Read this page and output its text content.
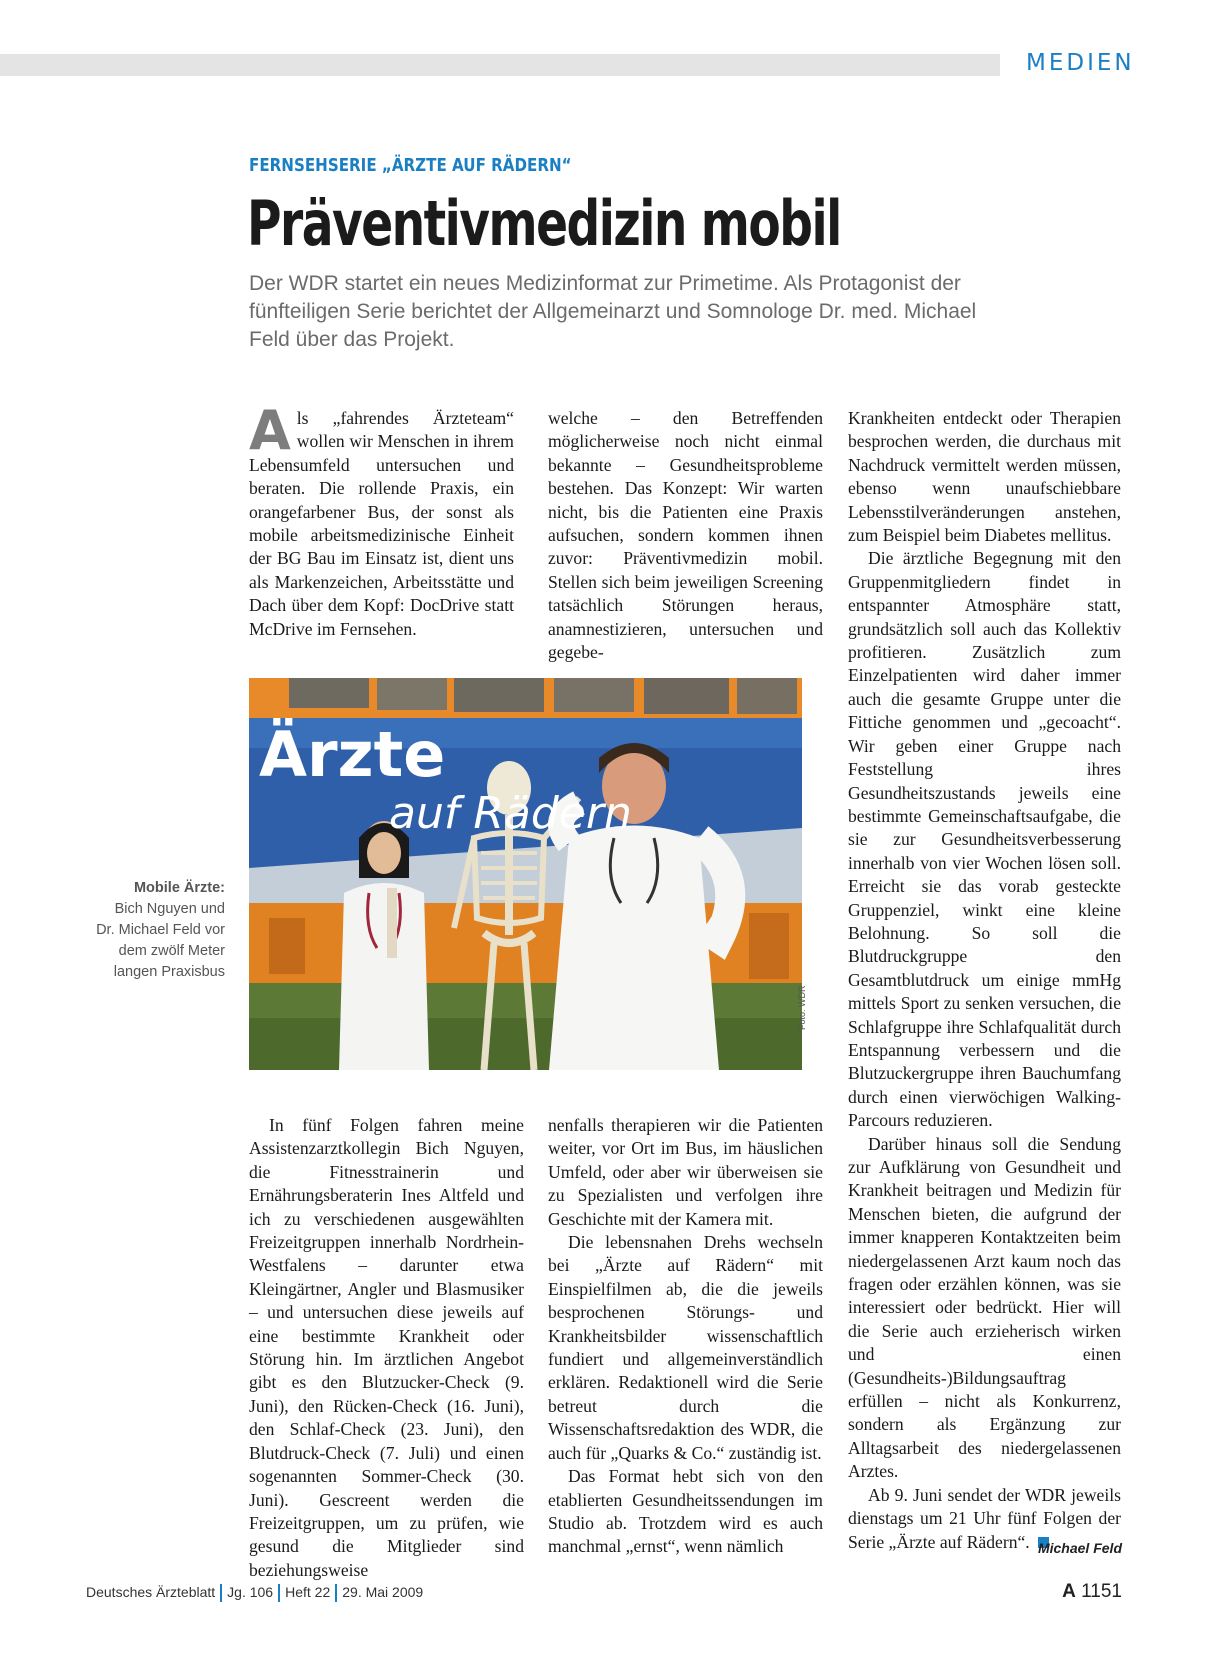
MEDIEN
FERNSEHSERIE „ÄRZTE AUF RÄDERN“
Präventivmedizin mobil
Der WDR startet ein neues Medizinformat zur Primetime. Als Protagonist der
fünfteiligen Serie berichtet der Allgemeinarzt und Somnologe Dr. med. Michael
Feld über das Projekt.

Als „fahrendes Ärzteteam“ wollen wir Menschen in ihrem Lebensumfeld untersuchen und beraten. Die rollende Praxis, ein orangefarbener Bus, der sonst als mobile arbeitsmedizinische Einheit der BG Bau im Einsatz ist, dient uns als Markenzeichen, Arbeitsstätte und Dach über dem Kopf: DocDrive statt McDrive im Fernsehen.

welche – den Betreffenden möglicherweise noch nicht einmal bekannte – Gesundheitsprobleme bestehen. Das Konzept: Wir warten nicht, bis die Patienten eine Praxis aufsuchen, sondern kommen ihnen zuvor: Präventivmedizin mobil. Stellen sich beim jeweiligen Screening tatsächlich Störungen heraus, anamnestizieren, untersuchen und gegebe-

Ärzte
auf Rädern
Foto: WDR
Mobile Ärzte:
Bich Nguyen und
Dr. Michael Feld vor
dem zwölf Meter
langen Praxisbus

In fünf Folgen fahren meine Assistenzarztkollegin Bich Nguyen, die Fitnesstrainerin und Ernährungsberaterin Ines Altfeld und ich zu verschiedenen ausgewählten Freizeitgruppen innerhalb Nordrhein-Westfalens – darunter etwa Kleingärtner, Angler und Blasmusiker – und untersuchen diese jeweils auf eine bestimmte Krankheit oder Störung hin. Im ärztlichen Angebot gibt es den Blutzucker-Check (9. Juni), den Rücken-Check (16. Juni), den Schlaf-Check (23. Juni), den Blutdruck-Check (7. Juli) und einen sogenannten Sommer-Check (30. Juni). Gescreent werden die Freizeitgruppen, um zu prüfen, wie gesund die Mitglieder sind beziehungsweise

nenfalls therapieren wir die Patienten weiter, vor Ort im Bus, im häuslichen Umfeld, oder aber wir überweisen sie zu Spezialisten und verfolgen ihre Geschichte mit der Kamera mit.

Die lebensnahen Drehs wechseln bei „Ärzte auf Rädern“ mit Einspielfilmen ab, die die jeweils besprochenen Störungs- und Krankheitsbilder wissenschaftlich fundiert und allgemeinverständlich erklären. Redaktionell wird die Serie betreut durch die Wissenschaftsredaktion des WDR, die auch für „Quarks & Co.“ zuständig ist.

Das Format hebt sich von den etablierten Gesundheitssendungen im Studio ab. Trotzdem wird es auch manchmal „ernst“, wenn nämlich

Krankheiten entdeckt oder Therapien besprochen werden, die durchaus mit Nachdruck vermittelt werden müssen, ebenso wenn unaufschiebbare Lebensstilveränderungen anstehen, zum Beispiel beim Diabetes mellitus.

Die ärztliche Begegnung mit den Gruppenmitgliedern findet in entspannter Atmosphäre statt, grundsätzlich soll auch das Kollektiv profitieren. Zusätzlich zum Einzelpatienten wird daher immer auch die gesamte Gruppe unter die Fittiche genommen und „gecoacht“. Wir geben einer Gruppe nach Feststellung ihres Gesundheitszustands jeweils eine bestimmte Gemeinschaftsaufgabe, die sie zur Gesundheitsverbesserung innerhalb von vier Wochen lösen soll. Erreicht sie das vorab gesteckte Gruppenziel, winkt eine kleine Belohnung. So soll die Blutdruckgruppe den Gesamtblutdruck um einige mmHg mittels Sport zu senken versuchen, die Schlafgruppe ihre Schlafqualität durch Entspannung verbessern und die Blutzuckergruppe ihren Bauchumfang durch einen vierwöchigen Walking-Parcours reduzieren.

Darüber hinaus soll die Sendung zur Aufklärung von Gesundheit und Krankheit beitragen und Medizin für Menschen bieten, die aufgrund der immer knapperen Kontaktzeiten beim niedergelassenen Arzt kaum noch das fragen oder erzählen können, was sie interessiert oder bedrückt. Hier will die Serie auch erzieherisch wirken und einen (Gesundheits-)Bildungsauftrag erfüllen – nicht als Konkurrenz, sondern als Ergänzung zur Alltagsarbeit des niedergelassenen Arztes.

Ab 9. Juni sendet der WDR jeweils dienstags um 21 Uhr fünf Folgen der Serie „Ärzte auf Rädern“. Michael Feld
Deutsches Ärzteblatt Jg. 106 Heft 22 29. Mai 2009	A 1151
